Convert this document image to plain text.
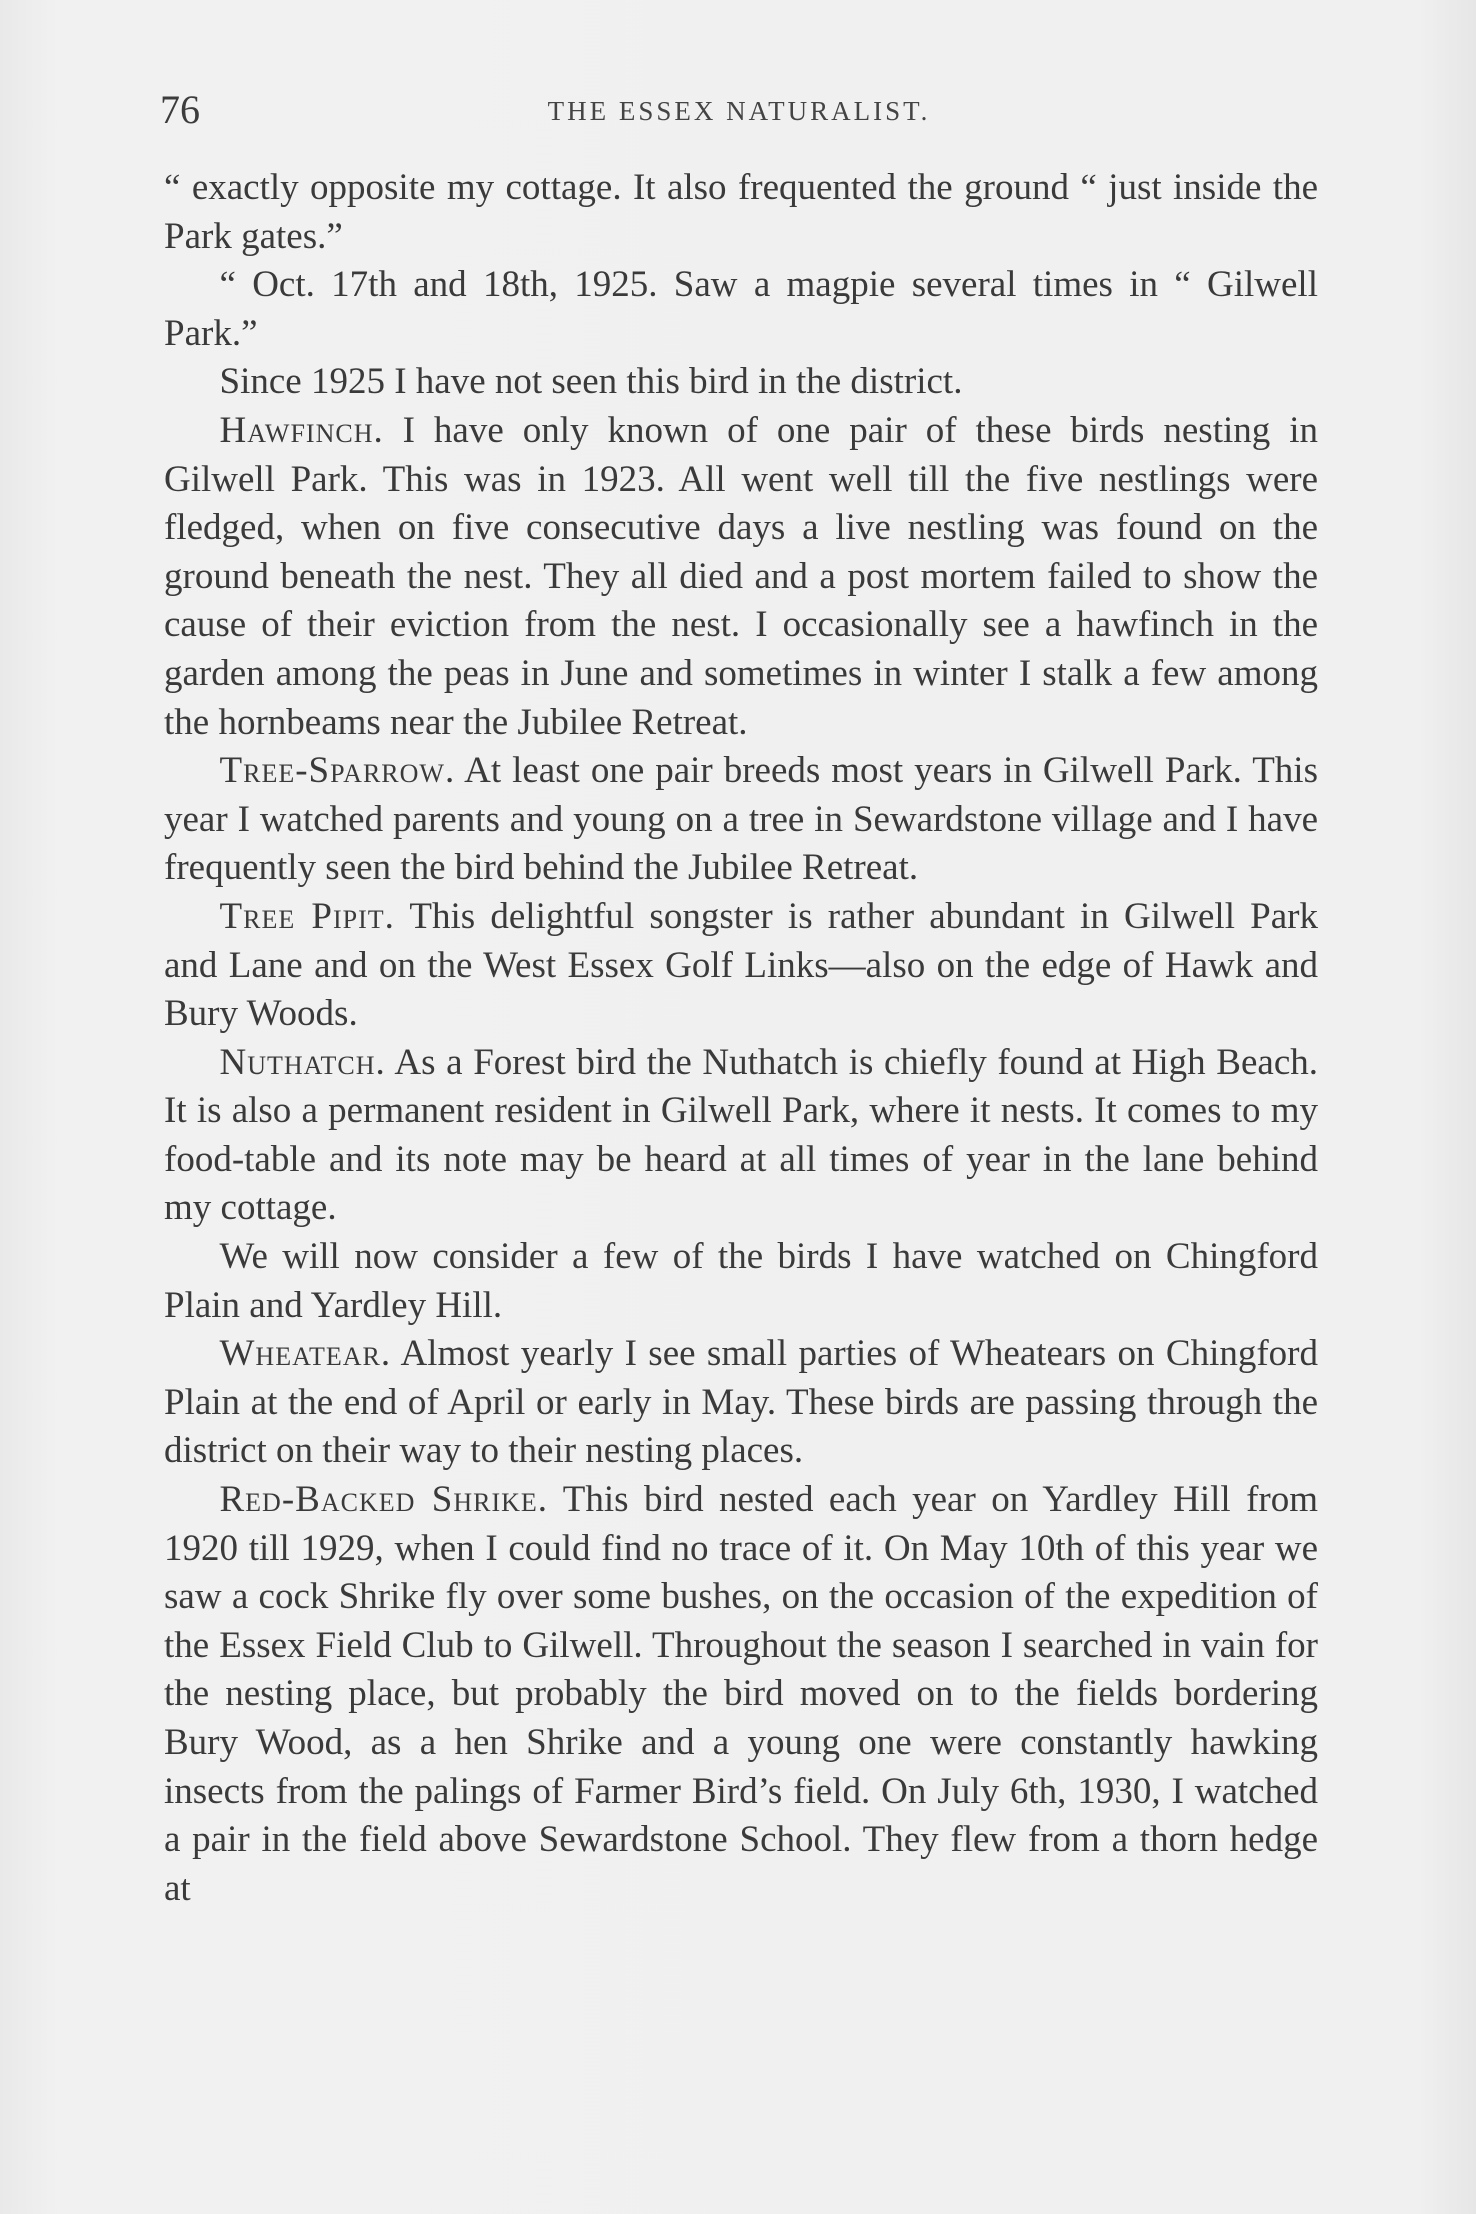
76	THE ESSEX NATURALIST.

“ exactly opposite my cottage. It also frequented the ground “ just inside the Park gates.”

“ Oct. 17th and 18th, 1925. Saw a magpie several times in “ Gilwell Park.”

Since 1925 I have not seen this bird in the district.

Hawfinch. I have only known of one pair of these birds nesting in Gilwell Park. This was in 1923. All went well till the five nestlings were fledged, when on five consecutive days a live nestling was found on the ground beneath the nest. They all died and a post mortem failed to show the cause of their eviction from the nest. I occasionally see a hawfinch in the garden among the peas in June and sometimes in winter I stalk a few among the hornbeams near the Jubilee Retreat.

Tree-Sparrow. At least one pair breeds most years in Gilwell Park. This year I watched parents and young on a tree in Sewardstone village and I have frequently seen the bird behind the Jubilee Retreat.

Tree Pipit. This delightful songster is rather abundant in Gilwell Park and Lane and on the West Essex Golf Links—also on the edge of Hawk and Bury Woods.

Nuthatch. As a Forest bird the Nuthatch is chiefly found at High Beach. It is also a permanent resident in Gilwell Park, where it nests. It comes to my food-table and its note may be heard at all times of year in the lane behind my cottage.

We will now consider a few of the birds I have watched on Chingford Plain and Yardley Hill.

Wheatear. Almost yearly I see small parties of Wheatears on Chingford Plain at the end of April or early in May. These birds are passing through the district on their way to their nesting places.

Red-Backed Shrike. This bird nested each year on Yardley Hill from 1920 till 1929, when I could find no trace of it. On May 10th of this year we saw a cock Shrike fly over some bushes, on the occasion of the expedition of the Essex Field Club to Gilwell. Throughout the season I searched in vain for the nesting place, but probably the bird moved on to the fields bordering Bury Wood, as a hen Shrike and a young one were constantly hawking insects from the palings of Farmer Bird’s field. On July 6th, 1930, I watched a pair in the field above Sewardstone School. They flew from a thorn hedge at
